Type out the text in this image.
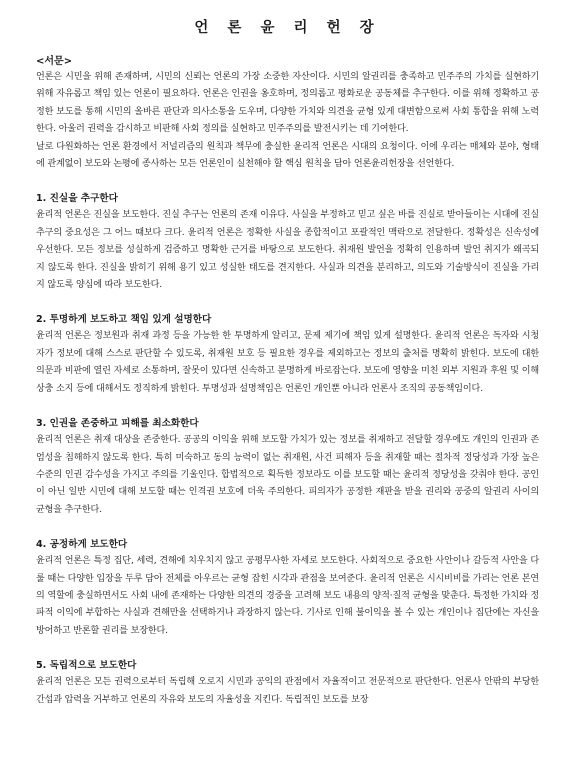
언 론 윤 리 헌 장
<서문>

언론은 시민을 위해 존재하며, 시민의 신뢰는 언론의 가장 소중한 자산이다. 시민의 알권리를 충족하고 민주주의 가치를 실현하기 위해 자유롭고 책임 있는 언론이 필요하다. 언론은 인권을 옹호하며, 정의롭고 평화로운 공동체를 추구한다. 이를 위해 정확하고 공정한 보도를 통해 시민의 올바른 판단과 의사소통을 도우며, 다양한 가치와 의견을 균형 있게 대변함으로써 사회 통합을 위해 노력한다. 아울러 권력을 감시하고 비판해 사회 정의를 실현하고 민주주의를 발전시키는 데 기여한다.

날로 다원화하는 언론 환경에서 저널리즘의 원칙과 책무에 충실한 윤리적 언론은 시대의 요청이다. 이에 우리는 매체와 분야, 형태에 관계없이 보도와 논평에 종사하는 모든 언론인이 실천해야 할 핵심 원칙을 담아 언론윤리헌장을 선언한다.

1. 진실을 추구한다

윤리적 언론은 진실을 보도한다. 진실 추구는 언론의 존재 이유다. 사실을 부정하고 믿고 싶은 바를 진실로 받아들이는 시대에 진실 추구의 중요성은 그 어느 때보다 크다. 윤리적 언론은 정확한 사실을 종합적이고 포괄적인 맥락으로 전달한다. 정확성은 신속성에 우선한다. 모든 정보를 성실하게 검증하고 명확한 근거를 바탕으로 보도한다. 취재원 발언을 정확히 인용하며 발언 취지가 왜곡되지 않도록 한다. 진실을 밝히기 위해 용기 있고 성실한 태도를 견지한다. 사실과 의견을 분리하고, 의도와 기술방식이 진실을 가리지 않도록 양심에 따라 보도한다.

2. 투명하게 보도하고 책임 있게 설명한다

윤리적 언론은 정보원과 취재 과정 등을 가능한 한 투명하게 알리고, 문제 제기에 책임 있게 설명한다. 윤리적 언론은 독자와 시청자가 정보에 대해 스스로 판단할 수 있도록, 취재원 보호 등 필요한 경우를 제외하고는 정보의 출처를 명확히 밝힌다. 보도에 대한 의문과 비판에 열린 자세로 소통하며, 잘못이 있다면 신속하고 분명하게 바로잡는다. 보도에 영향을 미친 외부 지원과 후원 및 이해상충 소지 등에 대해서도 정직하게 밝힌다. 투명성과 설명책임은 언론인 개인뿐 아니라 언론사 조직의 공동책임이다.

3. 인권을 존중하고 피해를 최소화한다

윤리적 언론은 취재 대상을 존중한다. 공공의 이익을 위해 보도할 가치가 있는 정보를 취재하고 전달할 경우에도 개인의 인권과 존엄성을 침해하지 않도록 한다. 특히 미숙하고 동의 능력이 없는 취재원, 사건 피해자 등을 취재할 때는 절차적 정당성과 가장 높은 수준의 인권 감수성을 가지고 주의를 기울인다. 합법적으로 획득한 정보라도 이를 보도할 때는 윤리적 정당성을 갖춰야 한다. 공인이 아닌 일반 시민에 대해 보도할 때는 인격권 보호에 더욱 주의한다. 피의자가 공정한 재판을 받을 권리와 공중의 알권리 사이의 균형을 추구한다.

4. 공정하게 보도한다

윤리적 언론은 특정 집단, 세력, 견해에 치우치지 않고 공평무사한 자세로 보도한다. 사회적으로 중요한 사안이나 갈등적 사안을 다룰 때는 다양한 입장을 두루 담아 전체를 아우르는 균형 잡힌 시각과 관점을 보여준다. 윤리적 언론은 시시비비를 가리는 언론 본연의 역할에 충실하면서도 사회 내에 존재하는 다양한 의견의 경중을 고려해 보도 내용의 양적·질적 균형을 맞춘다. 특정한 가치와 정파적 이익에 부합하는 사실과 견해만을 선택하거나 과장하지 않는다. 기사로 인해 불이익을 볼 수 있는 개인이나 집단에는 자신을 방어하고 반론할 권리를 보장한다.

5. 독립적으로 보도한다

윤리적 언론은 모든 권력으로부터 독립해 오로지 시민과 공익의 관점에서 자율적이고 전문적으로 판단한다. 언론사 안팎의 부당한 간섭과 압력을 거부하고 언론의 자유와 보도의 자율성을 지킨다. 독립적인 보도를 보장
